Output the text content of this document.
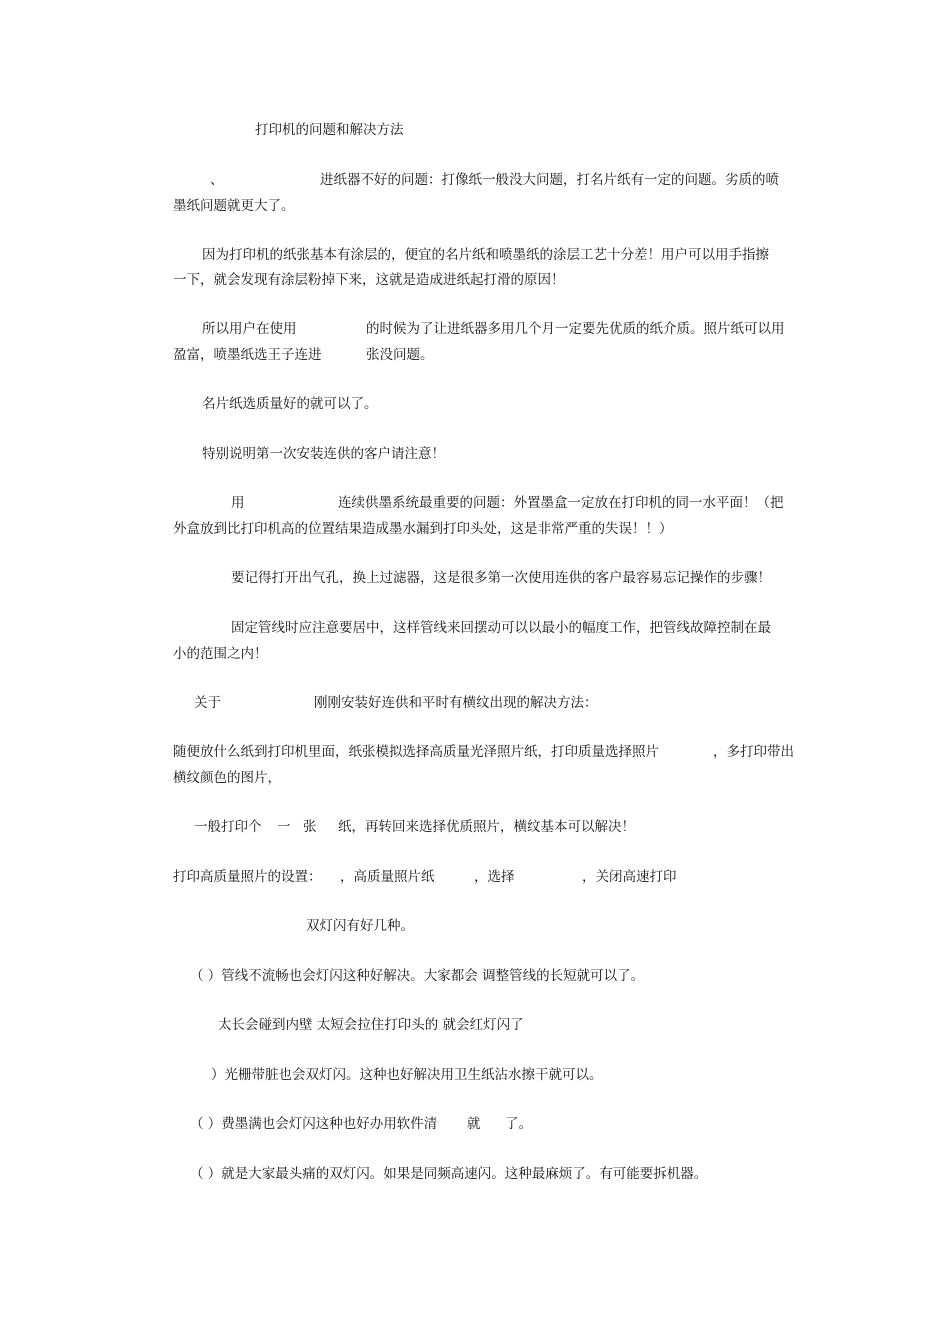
打印机的问题和解决方法
、	进纸器不好的问题：打像纸一般没大问题，打名片纸有一定的问题。劣质的喷
墨纸问题就更大了。
因为打印机的纸张基本有涂层的，便宜的名片纸和喷墨纸的涂层工艺十分差！用户可以用手指擦
一下，就会发现有涂层粉掉下来，这就是造成进纸起打滑的原因！
所以用户在使用	的时候为了让进纸器多用几个月一定要先优质的纸介质。照片纸可以用
盈富，喷墨纸选王子连进	张没问题。
名片纸选质量好的就可以了。
特别说明第一次安装连供的客户请注意！
用	连续供墨系统最重要的问题：外置墨盒一定放在打印机的同一水平面！（把
外盒放到比打印机高的位置结果造成墨水漏到打印头处，这是非常严重的失误！！）
要记得打开出气孔，换上过滤器，这是很多第一次使用连供的客户最容易忘记操作的步骤！
固定管线时应注意要居中，这样管线来回摆动可以以最小的幅度工作，把管线故障控制在最
小的范围之内！
关于	刚刚安装好连供和平时有横纹出现的解决方法：
随便放什么纸到打印机里面，纸张模拟选择高质量光泽照片纸，打印质量选择照片	，多打印带出
横纹颜色的图片，
一般打印个 一 张 纸，再转回来选择优质照片，横纹基本可以解决！
打印高质量照片的设置： ，高质量照片纸	，选择	，关闭高速打印
双灯闪有好几种。
（ ）管线不流畅也会灯闪这种好解决。大家都会 调整管线的长短就可以了。
太长会碰到内壁 太短会拉住打印头的 就会红灯闪了
）光栅带脏也会双灯闪。这种也好解决用卫生纸沾水擦干就可以。
（ ）费墨满也会灯闪这种也好办用软件清 就 了。
（ ）就是大家最头痛的双灯闪。如果是同频高速闪。这种最麻烦了。有可能要拆机器。
